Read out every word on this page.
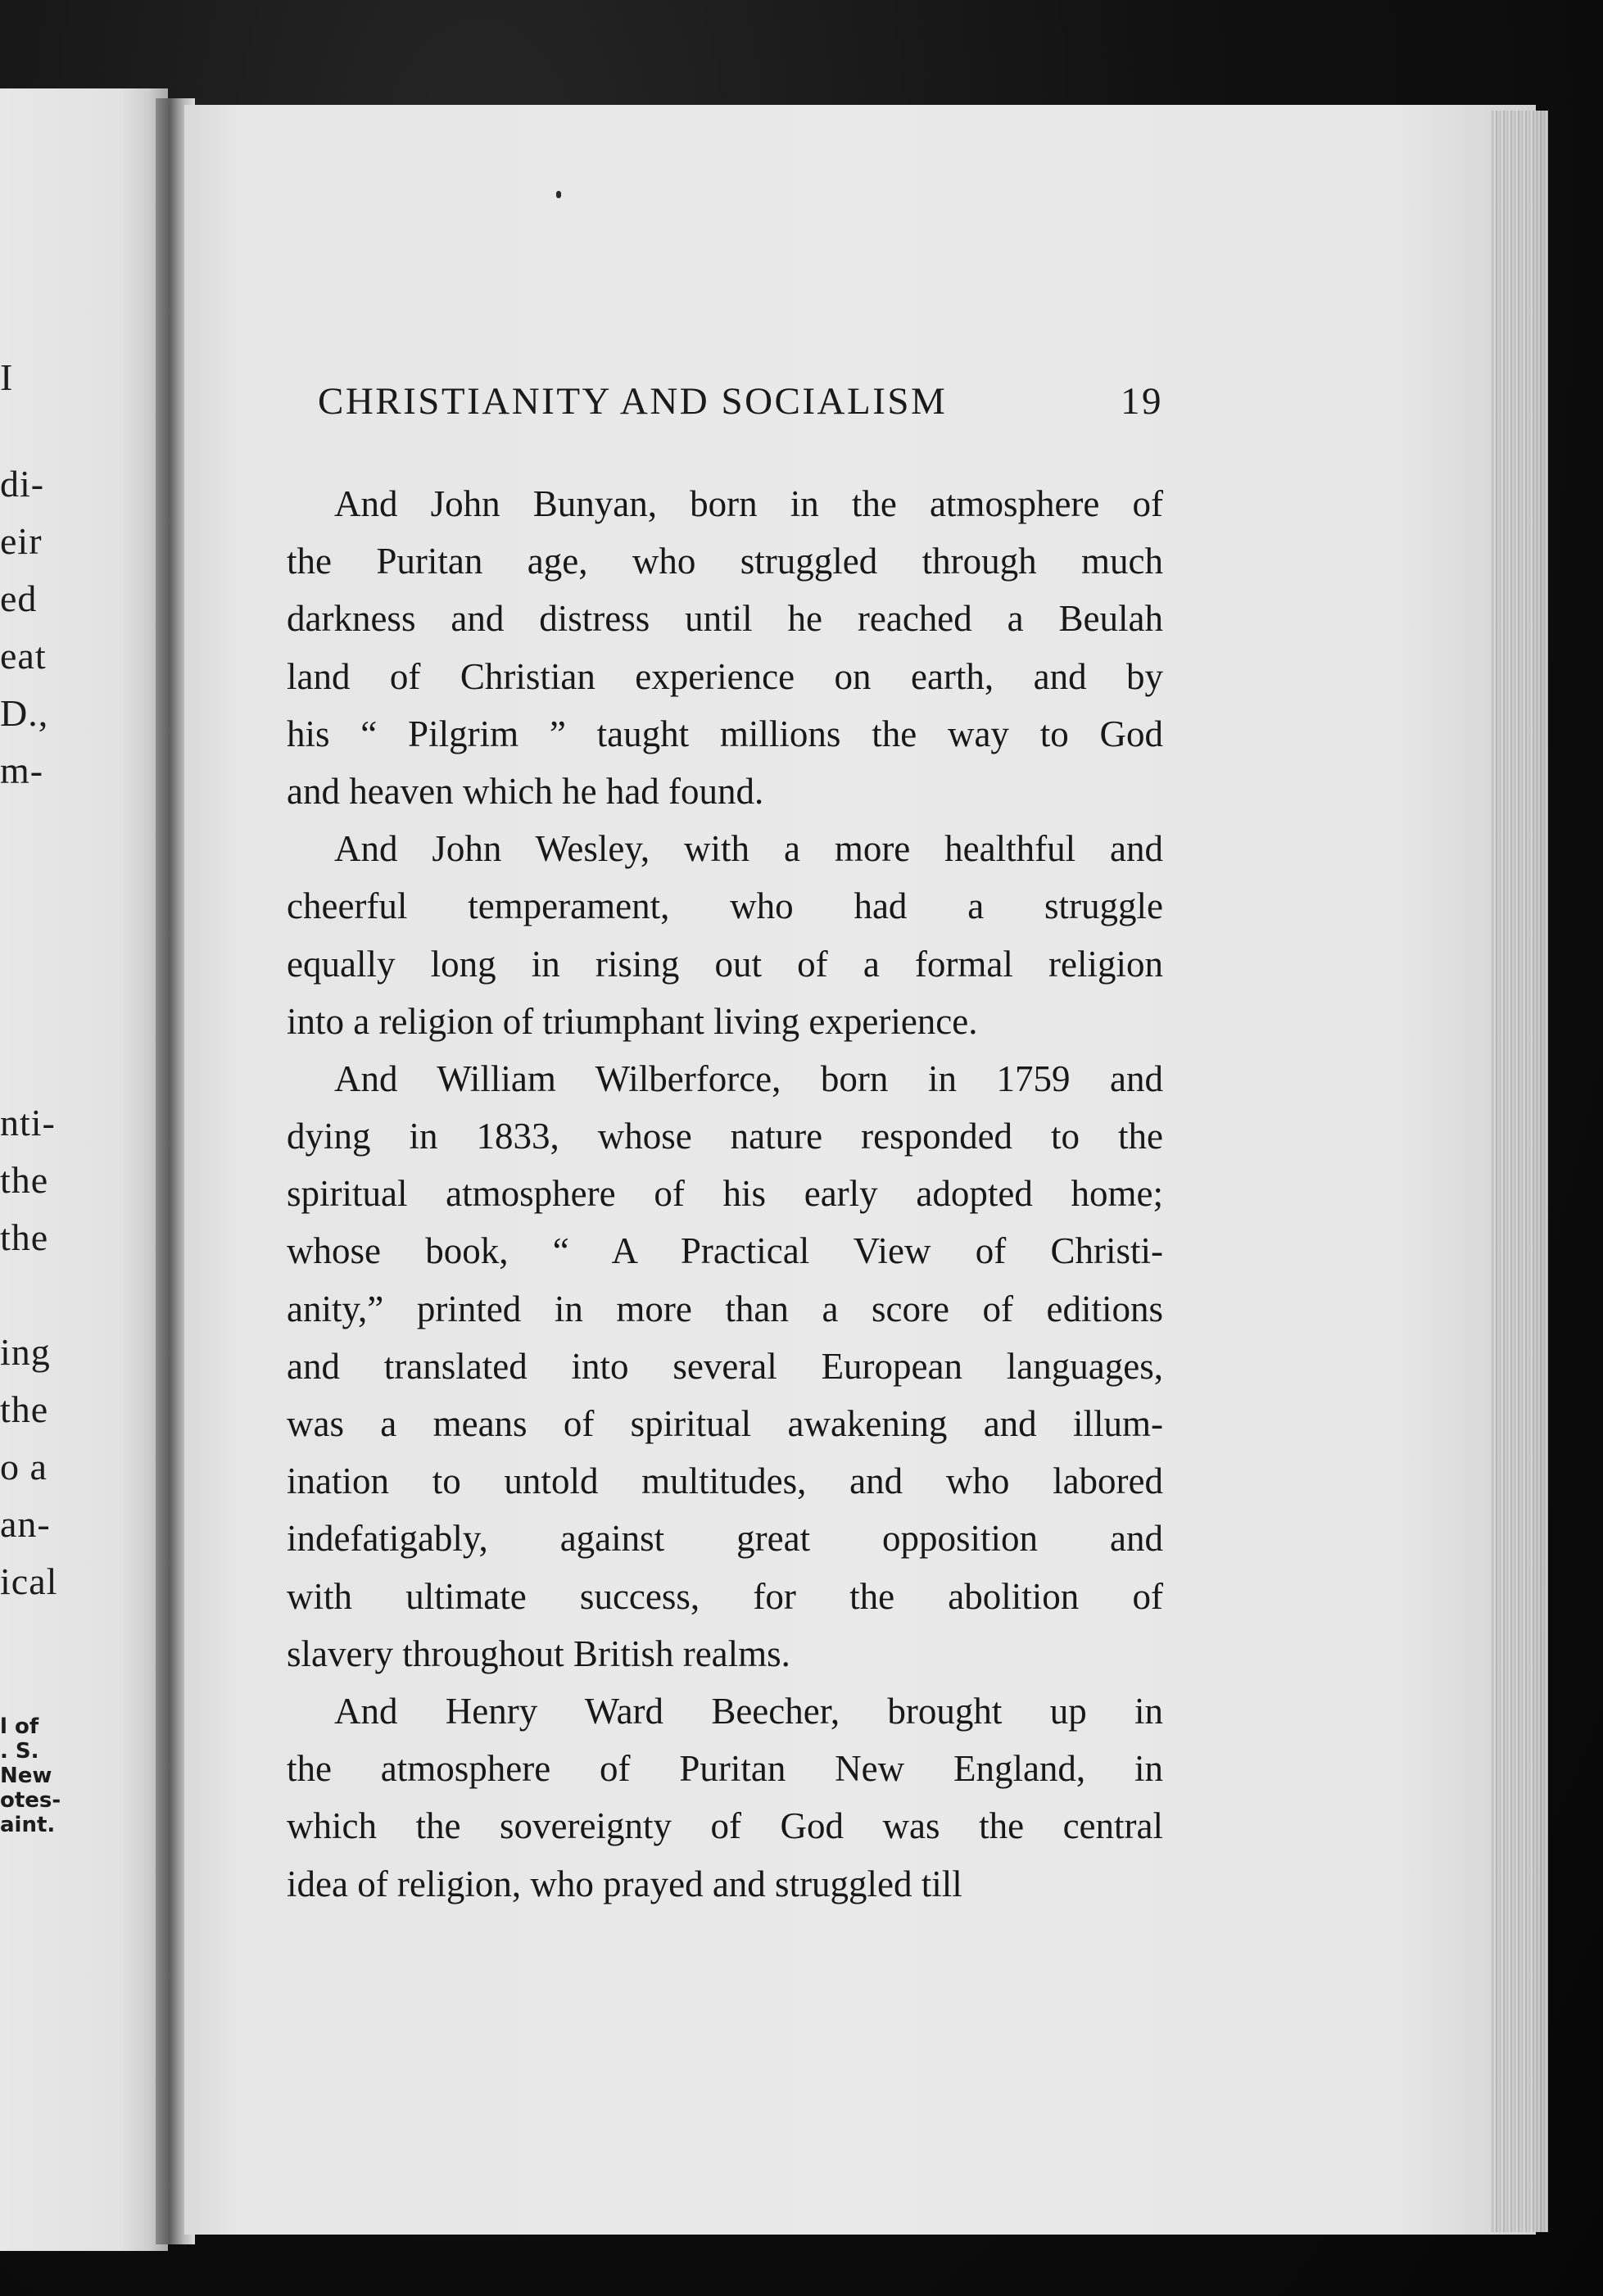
I
di-
eir
ed
eat
D.,
m-
nti-
the
the
ing
the
o a
an-
ical
l of
. S.
New
otes-
aint.
CHRISTIANITY AND SOCIALISM	19
And John Bunyan, born in the atmosphere of
the Puritan age, who struggled through much
darkness and distress until he reached a Beulah
land of Christian experience on earth, and by
his “ Pilgrim ” taught millions the way to God
and heaven which he had found.
And John Wesley, with a more healthful and
cheerful temperament, who had a struggle
equally long in rising out of a formal religion
into a religion of triumphant living experience.
And William Wilberforce, born in 1759 and
dying in 1833, whose nature responded to the
spiritual atmosphere of his early adopted home;
whose book, “ A Practical View of Christi-
anity,” printed in more than a score of editions
and translated into several European languages,
was a means of spiritual awakening and illum-
ination to untold multitudes, and who labored
indefatigably, against great opposition and
with ultimate success, for the abolition of
slavery throughout British realms.
And Henry Ward Beecher, brought up in
the atmosphere of Puritan New England, in
which the sovereignty of God was the central
idea of religion, who prayed and struggled till
